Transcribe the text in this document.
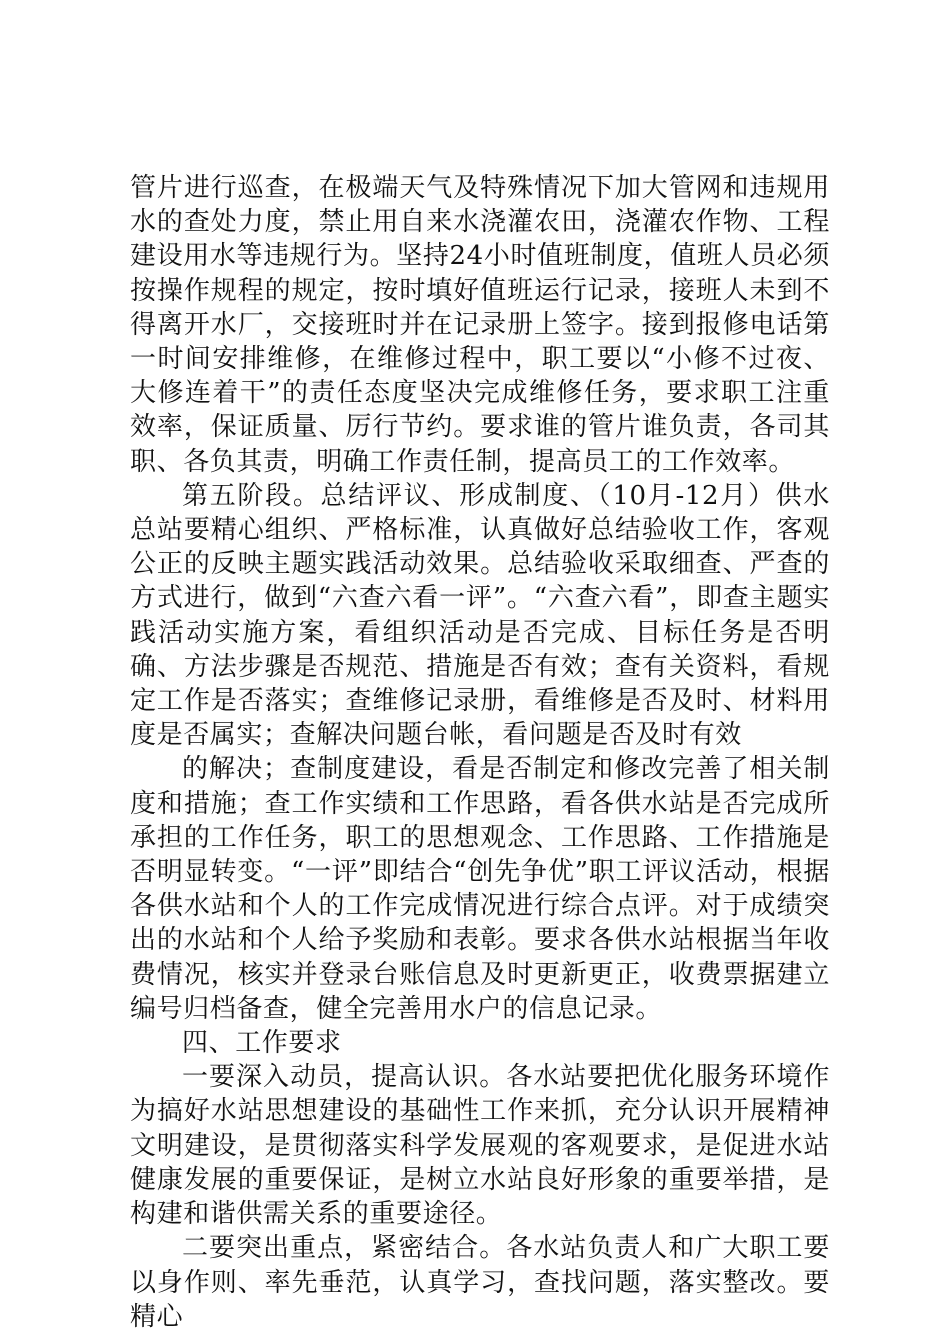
管片进行巡查，在极端天气及特殊情况下加大管网和违规用水的查处力度，禁止用自来水浇灌农田，浇灌农作物、工程建设用水等违规行为。坚持24小时值班制度，值班人员必须按操作规程的规定，按时填好值班运行记录，接班人未到不得离开水厂，交接班时并在记录册上签字。接到报修电话第一时间安排维修，在维修过程中，职工要以“小修不过夜、大修连着干”的责任态度坚决完成维修任务，要求职工注重效率，保证质量、厉行节约。要求谁的管片谁负责，各司其职、各负其责，明确工作责任制，提高员工的工作效率。

第五阶段。总结评议、形成制度、（10月-12月）供水总站要精心组织、严格标准，认真做好总结验收工作，客观公正的反映主题实践活动效果。总结验收采取细查、严查的方式进行，做到“六查六看一评”。“六查六看”，即查主题实践活动实施方案，看组织活动是否完成、目标任务是否明确、方法步骤是否规范、措施是否有效；查有关资料，看规定工作是否落实；查维修记录册，看维修是否及时、材料用度是否属实；查解决问题台帐，看问题是否及时有效

的解决；查制度建设，看是否制定和修改完善了相关制度和措施；查工作实绩和工作思路，看各供水站是否完成所承担的工作任务，职工的思想观念、工作思路、工作措施是否明显转变。“一评”即结合“创先争优”职工评议活动，根据各供水站和个人的工作完成情况进行综合点评。对于成绩突出的水站和个人给予奖励和表彰。要求各供水站根据当年收费情况，核实并登录台账信息及时更新更正，收费票据建立编号归档备查，健全完善用水户的信息记录。

四、工作要求

一要深入动员，提高认识。各水站要把优化服务环境作为搞好水站思想建设的基础性工作来抓，充分认识开展精神文明建设，是贯彻落实科学发展观的客观要求，是促进水站健康发展的重要保证，是树立水站良好形象的重要举措，是构建和谐供需关系的重要途径。

二要突出重点，紧密结合。各水站负责人和广大职工要以身作则、率先垂范，认真学习，查找问题，落实整改。要精心
